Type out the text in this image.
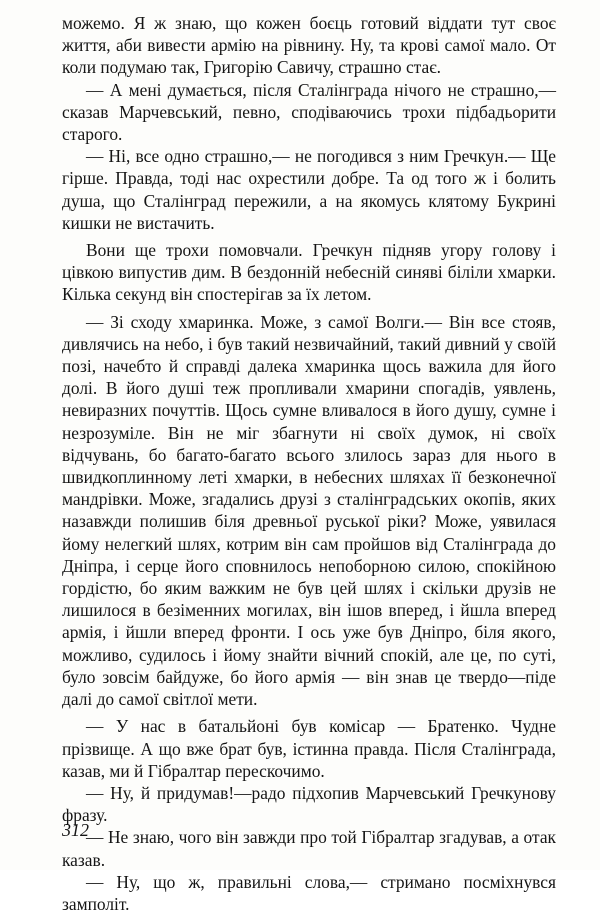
можемо. Я ж знаю, що кожен боєць готовий віддати тут своє життя, аби вивести армію на рівнину. Ну, та крові самої мало. От коли подумаю так, Григорію Савичу, страшно стає.

— А мені думається, після Сталінграда нічого не страшно,— сказав Марчевський, певно, сподіваючись трохи підбадьорити старого.

— Ні, все одно страшно,— не погодився з ним Гречкун.— Ще гірше. Правда, тоді нас охрестили добре. Та од того ж і болить душа, що Сталінград пережили, а на якомусь клятому Букрині кишки не вистачить.

Вони ще трохи помовчали. Гречкун підняв угору голову і цівкою випустив дим. В бездонній небесній синяві біліли хмарки. Кілька секунд він спостерігав за їх летом.

— Зі сходу хмаринка. Може, з самої Волги.— Він все стояв, дивлячись на небо, і був такий незвичайний, такий дивний у своїй позі, начебто й справді далека хмаринка щось важила для його долі. В його душі теж пропливали хмарини спогадів, уявлень, невиразних почуттів. Щось сумне вливалося в його душу, сумне і незрозуміле. Він не міг збагнути ні своїх думок, ні своїх відчувань, бо багато-багато всього злилось зараз для нього в швидкоплинному леті хмарки, в небесних шляхах її безконечної мандрівки. Може, згадались друзі з сталінградських окопів, яких назавжди полишив біля древньої руської ріки? Може, уявилася йому нелегкий шлях, котрим він сам пройшов від Сталінграда до Дніпра, і серце його сповнилось непоборною силою, спокійною гордістю, бо яким важким не був цей шлях і скільки друзів не лишилося в безіменних могилах, він ішов вперед, і йшла вперед армія, і йшли вперед фронти. І ось уже був Дніпро, біля якого, можливо, судилось і йому знайти вічний спокій, але це, по суті, було зовсім байдуже, бо його армія — він знав це твердо—піде далі до самої світлої мети.

— У нас в батальйоні був комісар — Братенко. Чудне прізвище. А що вже брат був, істинна правда. Після Сталінграда, казав, ми й Гібралтар перескочимо.

— Ну, й придумав!—радо підхопив Марчевський Гречкунову фразу.

— Не знаю, чого він завжди про той Гібралтар згадував, а отак казав.

— Ну, що ж, правильні слова,— стримано посміхнувся замполіт.

312
